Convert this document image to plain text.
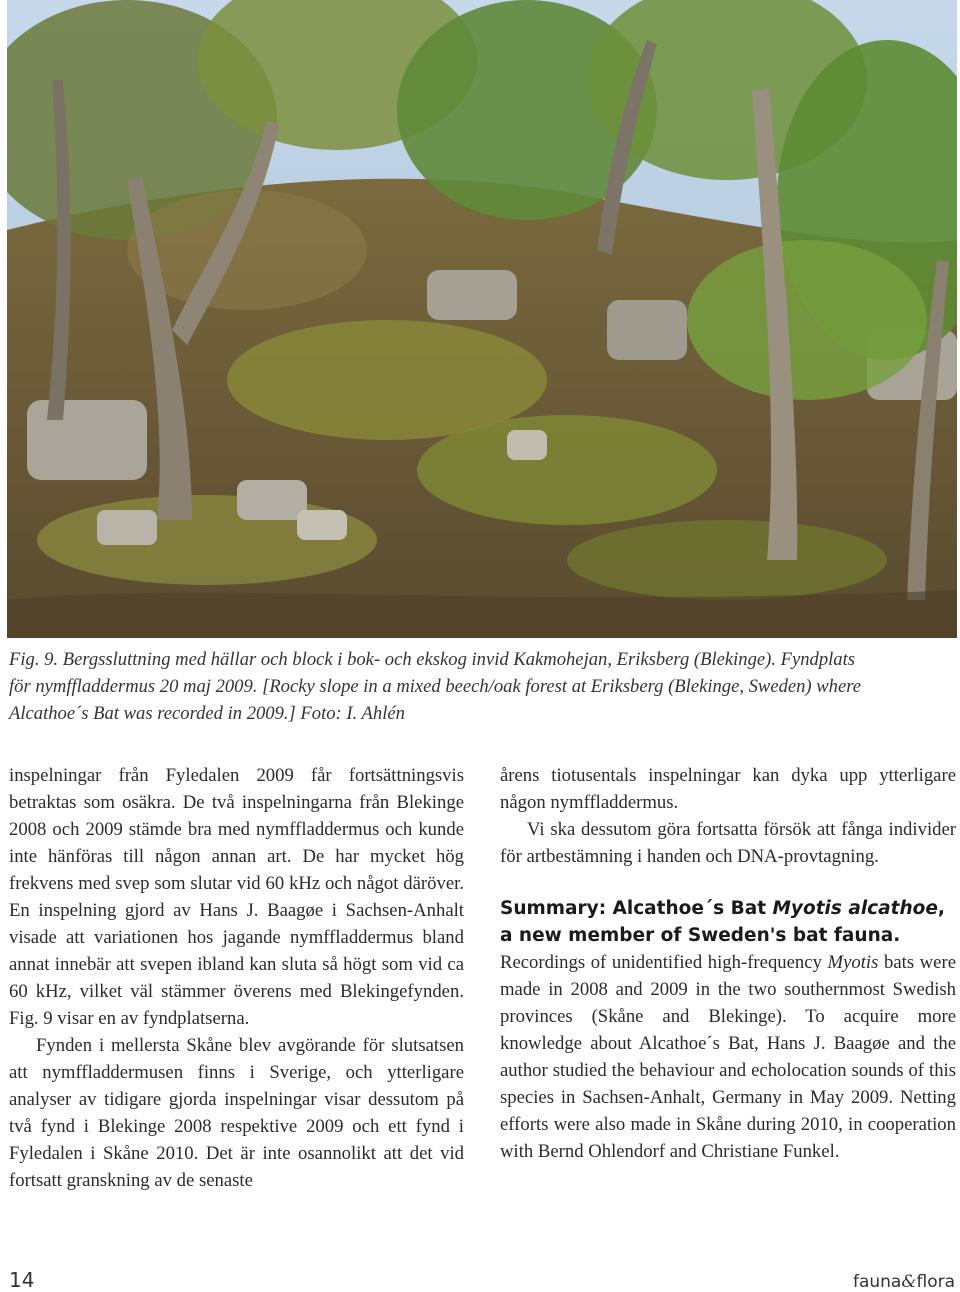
Fig. 9. Bergssluttning med hällar och block i bok- och ekskog invid Kakmohejan, Eriksberg (Blekinge). Fyndplats
för nymffladdermus 20 maj 2009. [Rocky slope in a mixed beech/oak forest at Eriksberg (Blekinge, Sweden) where
Alcathoe´s Bat was recorded in 2009.] Foto: I. Ahlén

inspelningar från Fyledalen 2009 får fortsättningsvis betraktas som osäkra. De två inspelningarna från Blekinge 2008 och 2009 stämde bra med nymffladdermus och kunde inte hänföras till någon annan art. De har mycket hög frekvens med svep som slutar vid 60 kHz och något däröver. En inspelning gjord av Hans J. Baagøe i Sachsen-Anhalt visade att variationen hos jagande nymffladdermus bland annat innebär att svepen ibland kan sluta så högt som vid ca 60 kHz, vilket väl stämmer överens med Blekingefynden. Fig. 9 visar en av fyndplatserna.

Fynden i mellersta Skåne blev avgörande för slutsatsen att nymffladdermusen finns i Sverige, och ytterligare analyser av tidigare gjorda inspelningar visar dessutom på två fynd i Blekinge 2008 respektive 2009 och ett fynd i Fyledalen i Skåne 2010. Det är inte osannolikt att det vid fortsatt granskning av de senaste

årens tiotusentals inspelningar kan dyka upp ytterligare någon nymffladdermus.

Vi ska dessutom göra fortsatta försök att fånga individer för artbestämning i handen och DNA-provtagning.

Summary: Alcathoe´s Bat Myotis alcathoe, a new member of Sweden's bat fauna.

Recordings of unidentified high-frequency Myotis bats were made in 2008 and 2009 in the two southernmost Swedish provinces (Skåne and Blekinge). To acquire more knowledge about Alcathoe´s Bat, Hans J. Baagøe and the author studied the behaviour and echolocation sounds of this species in Sachsen-Anhalt, Germany in May 2009. Netting efforts were also made in Skåne during 2010, in cooperation with Bernd Ohlendorf and Christiane Funkel.

14	fauna&flora
